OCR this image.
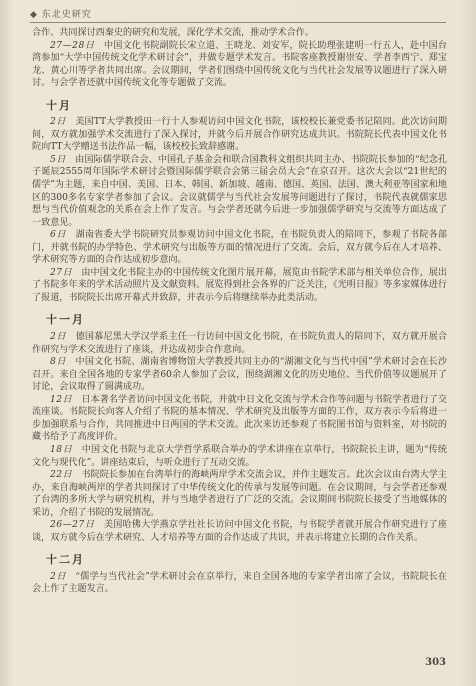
◆ 东北史研究

合作、共同探讨西秦史的研究和发展，深化学术交流，推动学术合作。

27—28日  中国文化书院副院长宋立道、王晓龙、刘安军，院长助理张建明一行五人，赴中国台湾参加“大学中国传统文化学术研讨会”，并做专题学术发言。书院客座教授谢崇安、学者李西宁、郑宝龙、黄心川等学者共同出席。会议期间，学者们围绕中国传统文化与当代社会发展等议题进行了深入研讨。与会学者还就中国传统文化等专题做了交流。

十月

2日  美国TT大学教授田一行十人参观访问中国文化书院，该校校长兼党委书记陪同。此次访问期间，双方就加强学术交流进行了深入探讨，并就今后开展合作研究达成共识。书院院长代表中国文化书院向TT大学赠送书法作品一幅，该校校长致辞感谢。

5日  由国际儒学联合会、中国孔子基金会和联合国教科文组织共同主办、书院院长参加的“纪念孔子诞辰2555周年国际学术研讨会暨国际儒学联合会第三届会员大会”在京召开。这次大会以“21世纪的儒学”为主题，来自中国、美国、日本、韩国、新加坡、越南、德国、英国、法国、澳大利亚等国家和地区的300多名专家学者参加了会议。会议就儒学与当代社会发展等问题进行了探讨，书院代表就儒家思想与当代价值观念的关系在会上作了发言。与会学者还就今后进一步加强儒学研究与交流等方面达成了一致意见。

6日  湖南省委大学书院研究员参观访问中国文化书院，在书院负责人的陪同下，参观了书院各部门，并就书院的办学特色、学术研究与出版等方面的情况进行了交流。会后，双方就今后在人才培养、学术研究等方面的合作达成初步意向。

27日  由中国文化书院主办的中国传统文化图片展开幕，展览由书院学术部与相关单位合作，展出了书院多年来的学术活动照片及文献资料。展览得到社会各界的广泛关注，《光明日报》等多家媒体进行了报道，书院院长出席开幕式并致辞，并表示今后将继续举办此类活动。

十一月

2日  德国慕尼黑大学汉学系主任一行访问中国文化书院，在书院负责人的陪同下，双方就开展合作研究与学术交流进行了座谈，并达成初步合作意向。

8日  中国文化书院、湖南省博物馆大学教授共同主办的“湖湘文化与当代中国”学术研讨会在长沙召开。来自全国各地的专家学者60余人参加了会议，围绕湖湘文化的历史地位、当代价值等议题展开了讨论，会议取得了圆满成功。

12日  日本著名学者访问中国文化书院，并就中日文化交流与学术合作等问题与书院学者进行了交流座谈。书院院长向客人介绍了书院的基本情况、学术研究及出版等方面的工作，双方表示今后将进一步加强联系与合作，共同推进中日两国的学术交流。此次来访还参观了书院图书馆与资料室，对书院的藏书给予了高度评价。

18日  中国文化书院与北京大学哲学系联合举办的学术讲座在京举行，书院院长主讲，题为“传统文化与现代化”。讲座结束后，与听众进行了互动交流。

22日  书院院长参加在台湾举行的海峡两岸学术交流会议，并作主题发言。此次会议由台湾大学主办，来自海峡两岸的学者共同探讨了中华传统文化的传承与发展等问题。在会议期间，与会学者还参观了台湾的多所大学与研究机构，并与当地学者进行了广泛的交流。会议期间书院院长接受了当地媒体的采访，介绍了书院的发展情况。

26—27日  美国哈佛大学燕京学社社长访问中国文化书院，与书院学者就开展合作研究进行了座谈，双方就今后在学术研究、人才培养等方面的合作达成了共识，并表示将建立长期的合作关系。

十二月

2日  “儒学与当代社会”学术研讨会在京举行，来自全国各地的专家学者出席了会议，书院院长在会上作了主题发言。

303
